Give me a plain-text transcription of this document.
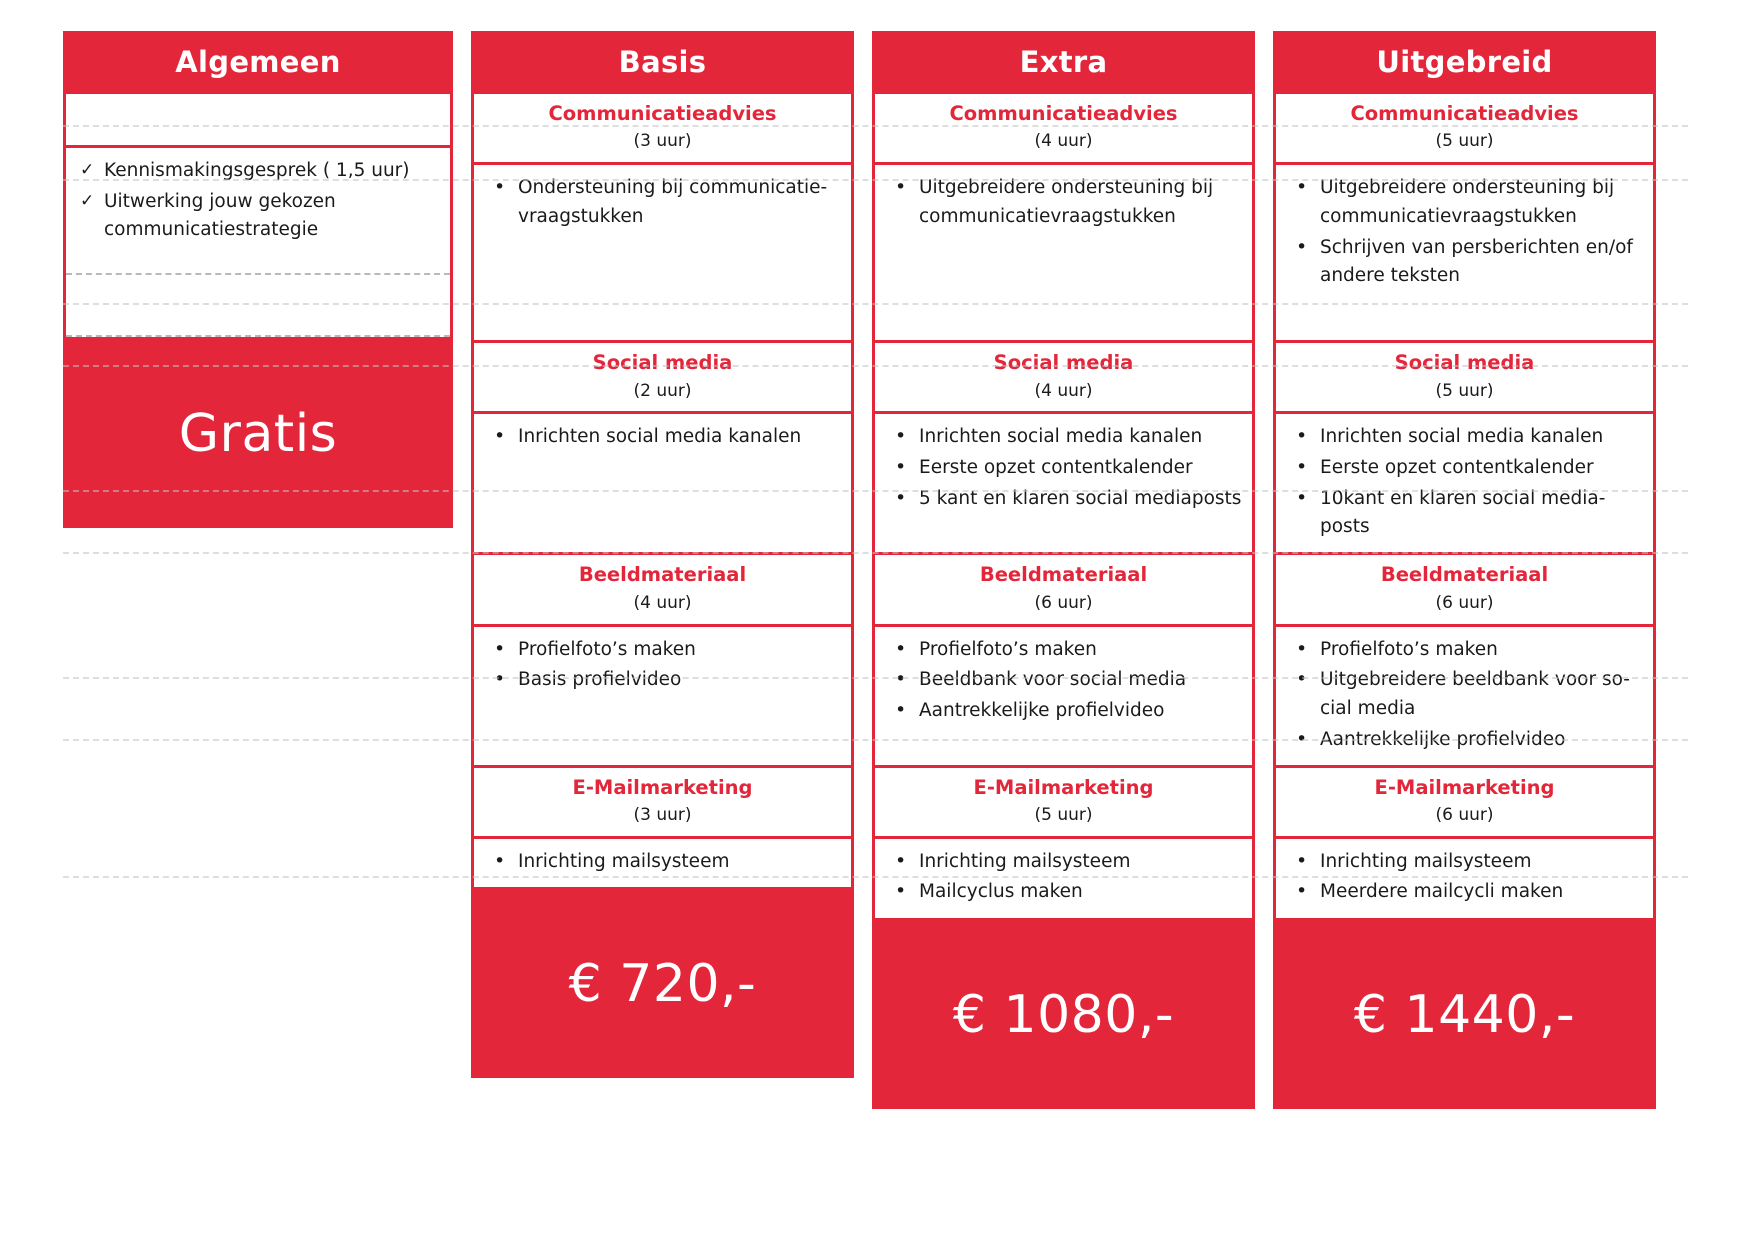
Algemeen
✓ Kennismakingsgesprek ( 1,5 uur)
✓ Uitwerking jouw gekozen communicatiestrategie
Gratis
Basis
Communicatieadvies
(3 uur)
• Ondersteuning bij communicatie-vraagstukken
Social media
(2 uur)
• Inrichten social media kanalen
Beeldmateriaal
(4 uur)
• Profielfoto’s maken
• Basis profielvideo
E-Mailmarketing
(3 uur)
• Inrichting mailsysteem
€ 720,-
Extra
Communicatieadvies
(4 uur)
• Uitgebreidere ondersteuning bij communicatievraagstukken
Social media
(4 uur)
• Inrichten social media kanalen
• Eerste opzet contentkalender
• 5 kant en klaren social mediaposts
Beeldmateriaal
(6 uur)
• Profielfoto’s maken
• Beeldbank voor social media
• Aantrekkelijke profielvideo
E-Mailmarketing
(5 uur)
• Inrichting mailsysteem
• Mailcyclus maken
€ 1080,-
Uitgebreid
Communicatieadvies
(5 uur)
• Uitgebreidere ondersteuning bij communicatievraagstukken
• Schrijven van persberichten en/of andere teksten
Social media
(5 uur)
• Inrichten social media kanalen
• Eerste opzet contentkalender
• 10kant en klaren social media-posts
Beeldmateriaal
(6 uur)
• Profielfoto’s maken
• Uitgebreidere beeldbank voor so-cial media
• Aantrekkelijke profielvideo
E-Mailmarketing
(6 uur)
• Inrichting mailsysteem
• Meerdere mailcycli maken
€ 1440,-
